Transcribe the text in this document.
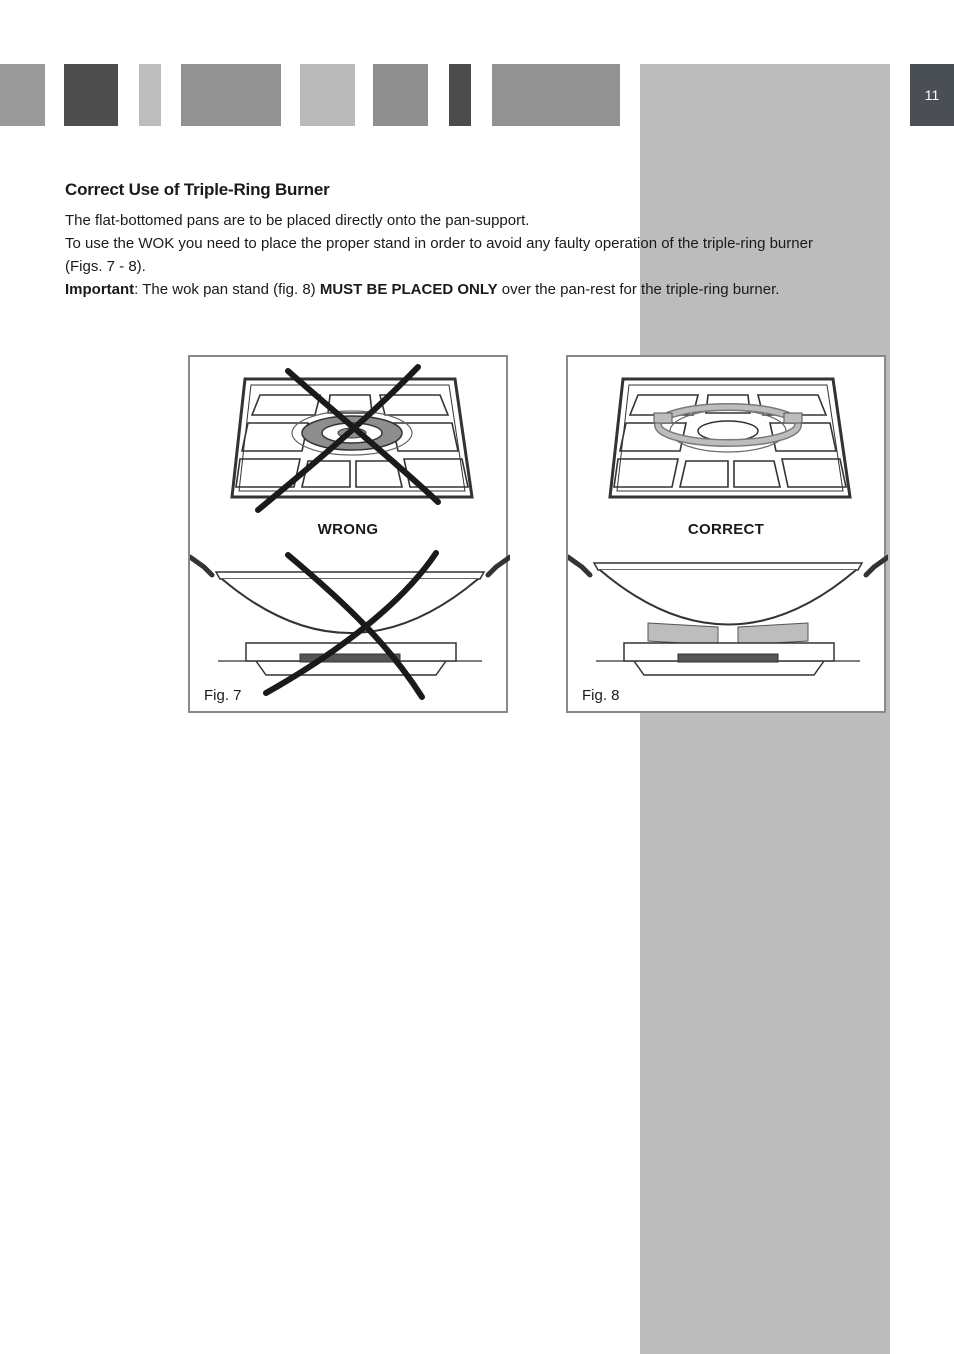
11
Correct Use of Triple-Ring Burner

The flat-bottomed pans are to be placed directly onto the pan-support.
To use the WOK you need to place the proper stand in order to avoid any faulty operation of the triple-ring burner (Figs. 7 - 8).
Important: The wok pan stand (fig. 8) MUST BE PLACED ONLY over the pan-rest for the triple-ring burner.

WRONG
Fig. 7
CORRECT
Fig. 8
